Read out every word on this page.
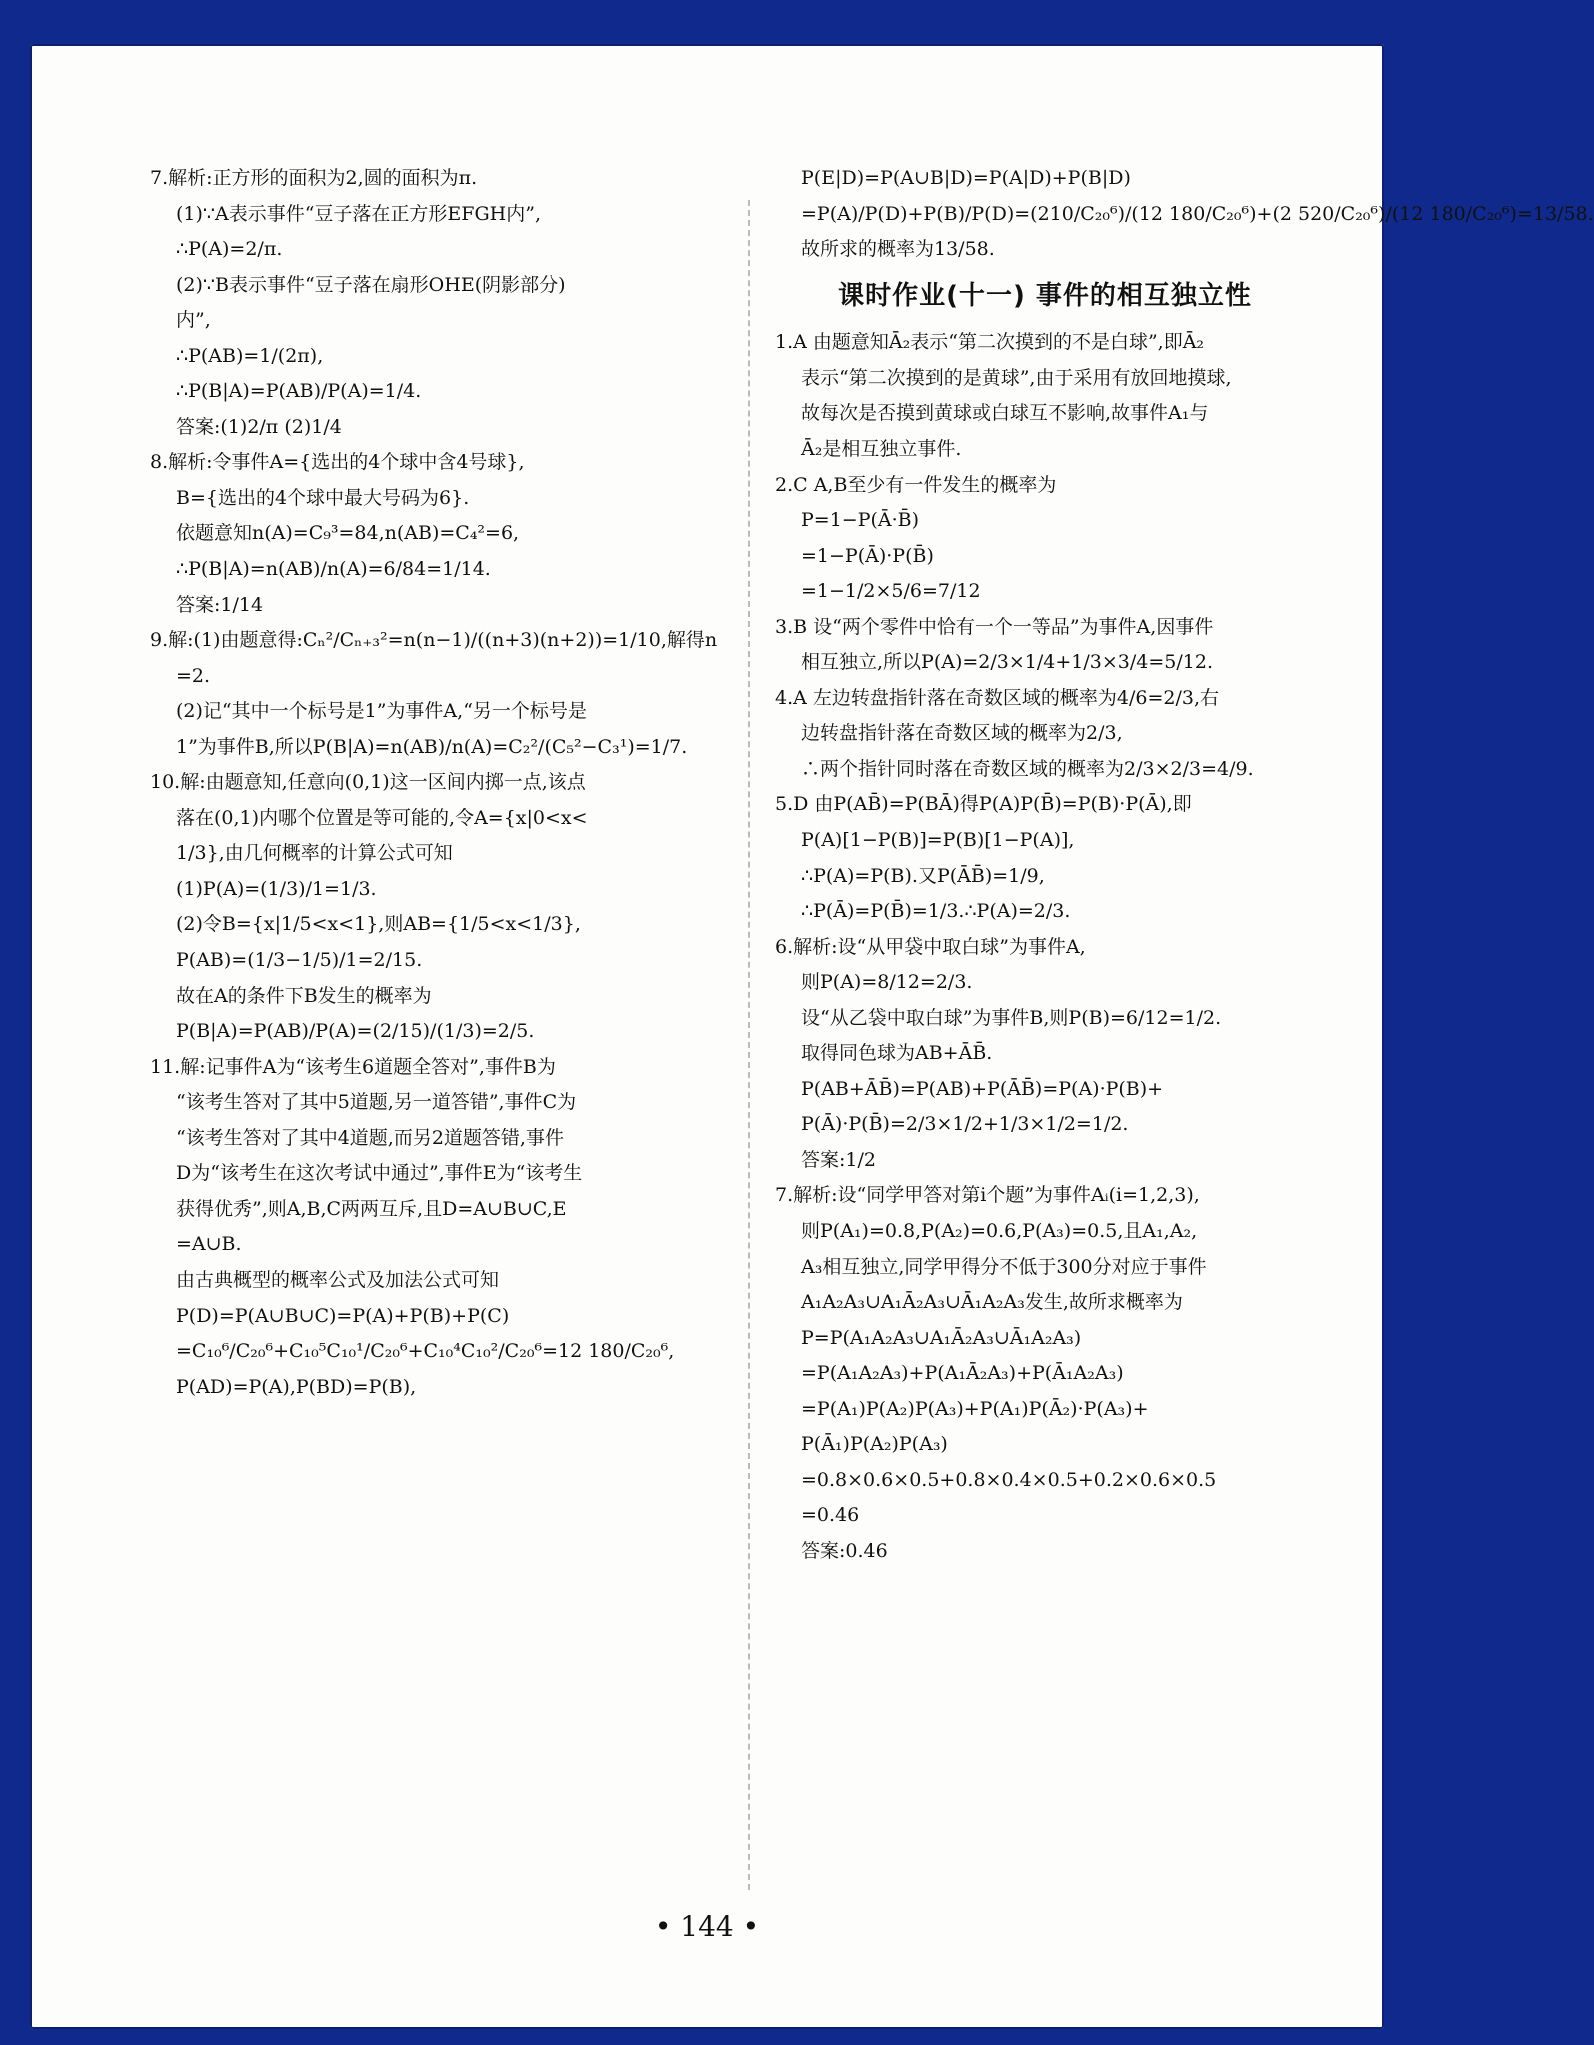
7.解析:正方形的面积为2,圆的面积为π.
(1)∵A表示事件“豆子落在正方形EFGH内”,
∴P(A)=2/π.
(2)∵B表示事件“豆子落在扇形OHE(阴影部分)
内”,
∴P(AB)=1/(2π),
∴P(B|A)=P(AB)/P(A)=1/4.
答案:(1)2/π (2)1/4
8.解析:令事件A={选出的4个球中含4号球},
B={选出的4个球中最大号码为6}.
依题意知n(A)=C₉³=84,n(AB)=C₄²=6,
∴P(B|A)=n(AB)/n(A)=6/84=1/14.
答案:1/14
9.解:(1)由题意得:Cₙ²/Cₙ₊₃²=n(n−1)/((n+3)(n+2))=1/10,解得n
=2.
(2)记“其中一个标号是1”为事件A,“另一个标号是
1”为事件B,所以P(B|A)=n(AB)/n(A)=C₂²/(C₅²−C₃¹)=1/7.
10.解:由题意知,任意向(0,1)这一区间内掷一点,该点
落在(0,1)内哪个位置是等可能的,令A={x|0<x<
1/3},由几何概率的计算公式可知
(1)P(A)=(1/3)/1=1/3.
(2)令B={x|1/5<x<1},则AB={1/5<x<1/3},
P(AB)=(1/3−1/5)/1=2/15.
故在A的条件下B发生的概率为
P(B|A)=P(AB)/P(A)=(2/15)/(1/3)=2/5.
11.解:记事件A为“该考生6道题全答对”,事件B为
“该考生答对了其中5道题,另一道答错”,事件C为
“该考生答对了其中4道题,而另2道题答错,事件
D为“该考生在这次考试中通过”,事件E为“该考生
获得优秀”,则A,B,C两两互斥,且D=A∪B∪C,E
=A∪B.
由古典概型的概率公式及加法公式可知
P(D)=P(A∪B∪C)=P(A)+P(B)+P(C)
=C₁₀⁶/C₂₀⁶+C₁₀⁵C₁₀¹/C₂₀⁶+C₁₀⁴C₁₀²/C₂₀⁶=12 180/C₂₀⁶,
P(AD)=P(A),P(BD)=P(B),
P(E|D)=P(A∪B|D)=P(A|D)+P(B|D)
=P(A)/P(D)+P(B)/P(D)=(210/C₂₀⁶)/(12 180/C₂₀⁶)+(2 520/C₂₀⁶)/(12 180/C₂₀⁶)=13/58.
故所求的概率为13/58.
课时作业(十一) 事件的相互独立性
1.A 由题意知Ā₂表示“第二次摸到的不是白球”,即Ā₂
表示“第二次摸到的是黄球”,由于采用有放回地摸球,
故每次是否摸到黄球或白球互不影响,故事件A₁与
Ā₂是相互独立事件.
2.C A,B至少有一件发生的概率为
P=1−P(Ā·B̄)
=1−P(Ā)·P(B̄)
=1−1/2×5/6=7/12
3.B 设“两个零件中恰有一个一等品”为事件A,因事件
相互独立,所以P(A)=2/3×1/4+1/3×3/4=5/12.
4.A 左边转盘指针落在奇数区域的概率为4/6=2/3,右
边转盘指针落在奇数区域的概率为2/3,
∴两个指针同时落在奇数区域的概率为2/3×2/3=4/9.
5.D 由P(AB̄)=P(BĀ)得P(A)P(B̄)=P(B)·P(Ā),即
P(A)[1−P(B)]=P(B)[1−P(A)],
∴P(A)=P(B).又P(ĀB̄)=1/9,
∴P(Ā)=P(B̄)=1/3.∴P(A)=2/3.
6.解析:设“从甲袋中取白球”为事件A,
则P(A)=8/12=2/3.
设“从乙袋中取白球”为事件B,则P(B)=6/12=1/2.
取得同色球为AB+ĀB̄.
P(AB+ĀB̄)=P(AB)+P(ĀB̄)=P(A)·P(B)+
P(Ā)·P(B̄)=2/3×1/2+1/3×1/2=1/2.
答案:1/2
7.解析:设“同学甲答对第i个题”为事件Aᵢ(i=1,2,3),
则P(A₁)=0.8,P(A₂)=0.6,P(A₃)=0.5,且A₁,A₂,
A₃相互独立,同学甲得分不低于300分对应于事件
A₁A₂A₃∪A₁Ā₂A₃∪Ā₁A₂A₃发生,故所求概率为
P=P(A₁A₂A₃∪A₁Ā₂A₃∪Ā₁A₂A₃)
=P(A₁A₂A₃)+P(A₁Ā₂A₃)+P(Ā₁A₂A₃)
=P(A₁)P(A₂)P(A₃)+P(A₁)P(Ā₂)·P(A₃)+
P(Ā₁)P(A₂)P(A₃)
=0.8×0.6×0.5+0.8×0.4×0.5+0.2×0.6×0.5
=0.46
答案:0.46
• 144 •
